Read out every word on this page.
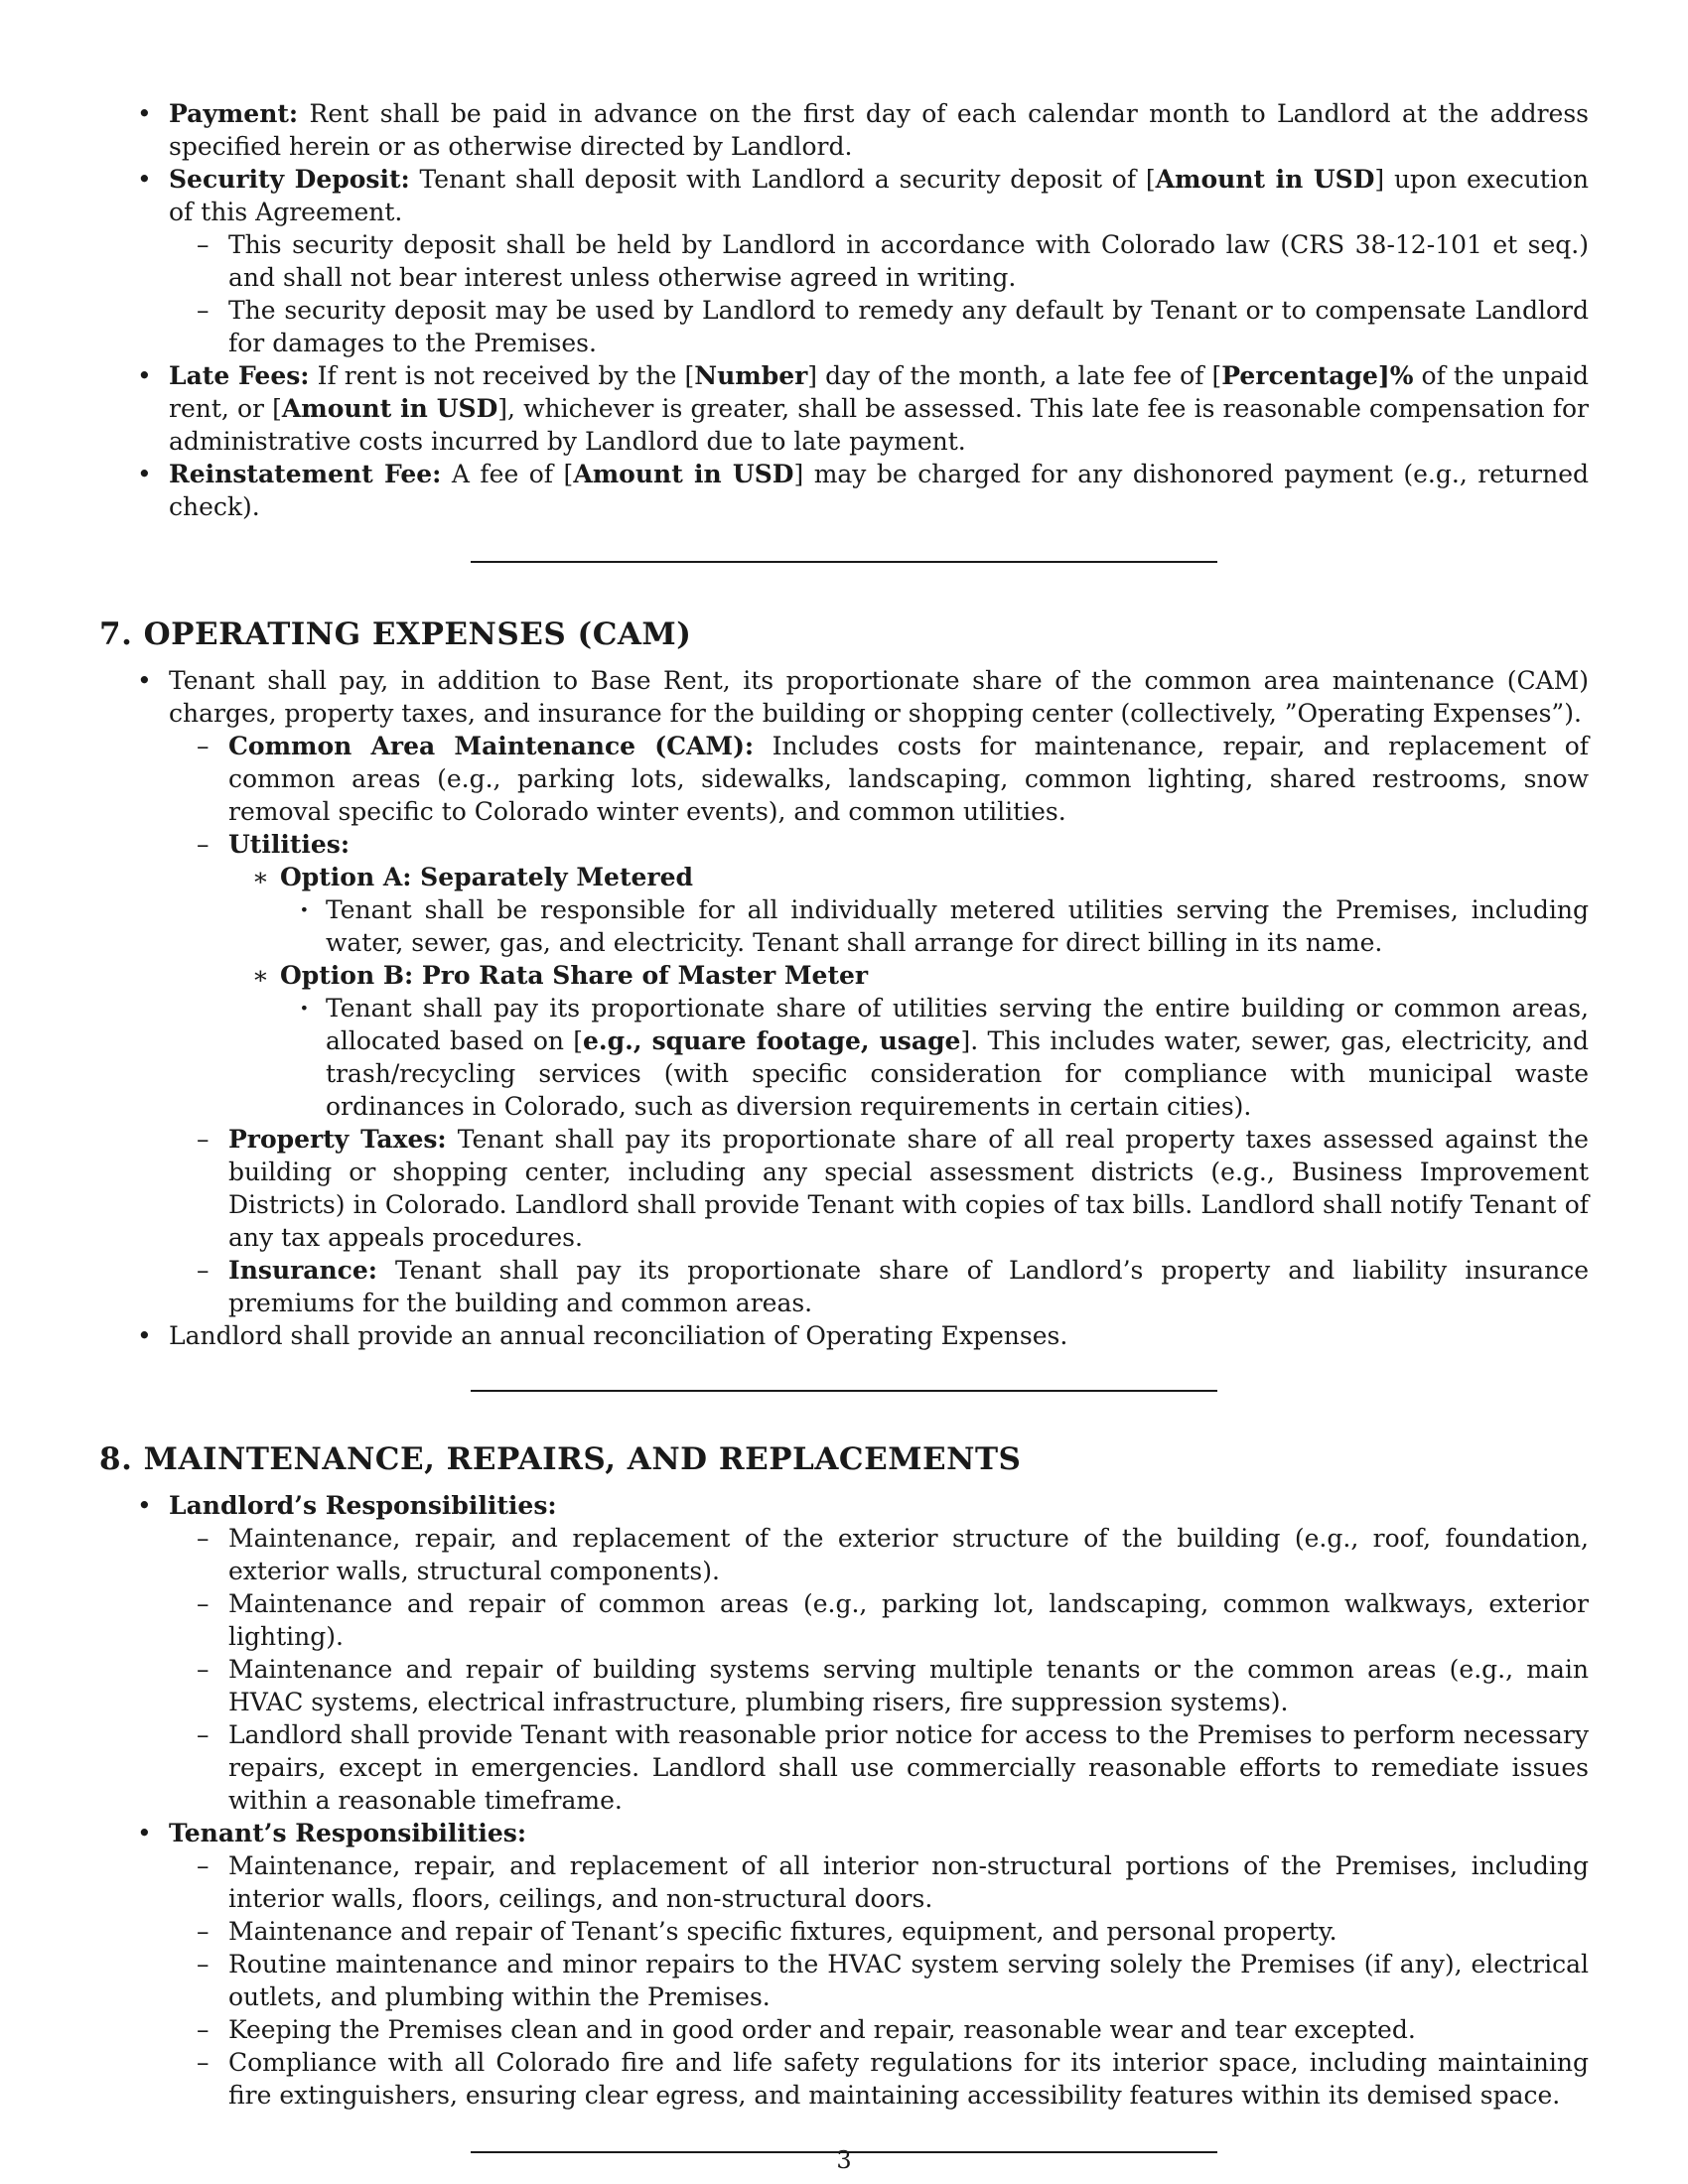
• Payment: Rent shall be paid in advance on the first day of each calendar month to Landlord at the address specified herein or as otherwise directed by Landlord.
• Security Deposit: Tenant shall deposit with Landlord a security deposit of [Amount in USD] upon execution of this Agreement.
– This security deposit shall be held by Landlord in accordance with Colorado law (CRS 38-12-101 et seq.) and shall not bear interest unless otherwise agreed in writing.
– The security deposit may be used by Landlord to remedy any default by Tenant or to compensate Landlord for damages to the Premises.
• Late Fees: If rent is not received by the [Number] day of the month, a late fee of [Percentage]% of the unpaid rent, or [Amount in USD], whichever is greater, shall be assessed. This late fee is reasonable compensation for administrative costs incurred by Landlord due to late payment.
• Reinstatement Fee: A fee of [Amount in USD] may be charged for any dishonored payment (e.g., returned check).
7. OPERATING EXPENSES (CAM)
• Tenant shall pay, in addition to Base Rent, its proportionate share of the common area maintenance (CAM) charges, property taxes, and insurance for the building or shopping center (collectively, ”Operating Expenses”).
– Common Area Maintenance (CAM): Includes costs for maintenance, repair, and replacement of common areas (e.g., parking lots, sidewalks, landscaping, common lighting, shared restrooms, snow removal specific to Colorado winter events), and common utilities.
– Utilities:
∗ Option A: Separately Metered
· Tenant shall be responsible for all individually metered utilities serving the Premises, including water, sewer, gas, and electricity. Tenant shall arrange for direct billing in its name.
∗ Option B: Pro Rata Share of Master Meter
· Tenant shall pay its proportionate share of utilities serving the entire building or common areas, allocated based on [e.g., square footage, usage]. This includes water, sewer, gas, electricity, and trash/recycling services (with specific consideration for compliance with municipal waste ordinances in Colorado, such as diversion requirements in certain cities).
– Property Taxes: Tenant shall pay its proportionate share of all real property taxes assessed against the building or shopping center, including any special assessment districts (e.g., Business Improvement Districts) in Colorado. Landlord shall provide Tenant with copies of tax bills. Landlord shall notify Tenant of any tax appeals procedures.
– Insurance: Tenant shall pay its proportionate share of Landlord’s property and liability insurance premiums for the building and common areas.
• Landlord shall provide an annual reconciliation of Operating Expenses.
8. MAINTENANCE, REPAIRS, AND REPLACEMENTS
• Landlord’s Responsibilities:
– Maintenance, repair, and replacement of the exterior structure of the building (e.g., roof, foundation, exterior walls, structural components).
– Maintenance and repair of common areas (e.g., parking lot, landscaping, common walkways, exterior lighting).
– Maintenance and repair of building systems serving multiple tenants or the common areas (e.g., main HVAC systems, electrical infrastructure, plumbing risers, fire suppression systems).
– Landlord shall provide Tenant with reasonable prior notice for access to the Premises to perform necessary repairs, except in emergencies. Landlord shall use commercially reasonable efforts to remediate issues within a reasonable timeframe.
• Tenant’s Responsibilities:
– Maintenance, repair, and replacement of all interior non-structural portions of the Premises, including interior walls, floors, ceilings, and non-structural doors.
– Maintenance and repair of Tenant’s specific fixtures, equipment, and personal property.
– Routine maintenance and minor repairs to the HVAC system serving solely the Premises (if any), electrical outlets, and plumbing within the Premises.
– Keeping the Premises clean and in good order and repair, reasonable wear and tear excepted.
– Compliance with all Colorado fire and life safety regulations for its interior space, including maintaining fire extinguishers, ensuring clear egress, and maintaining accessibility features within its demised space.
3
